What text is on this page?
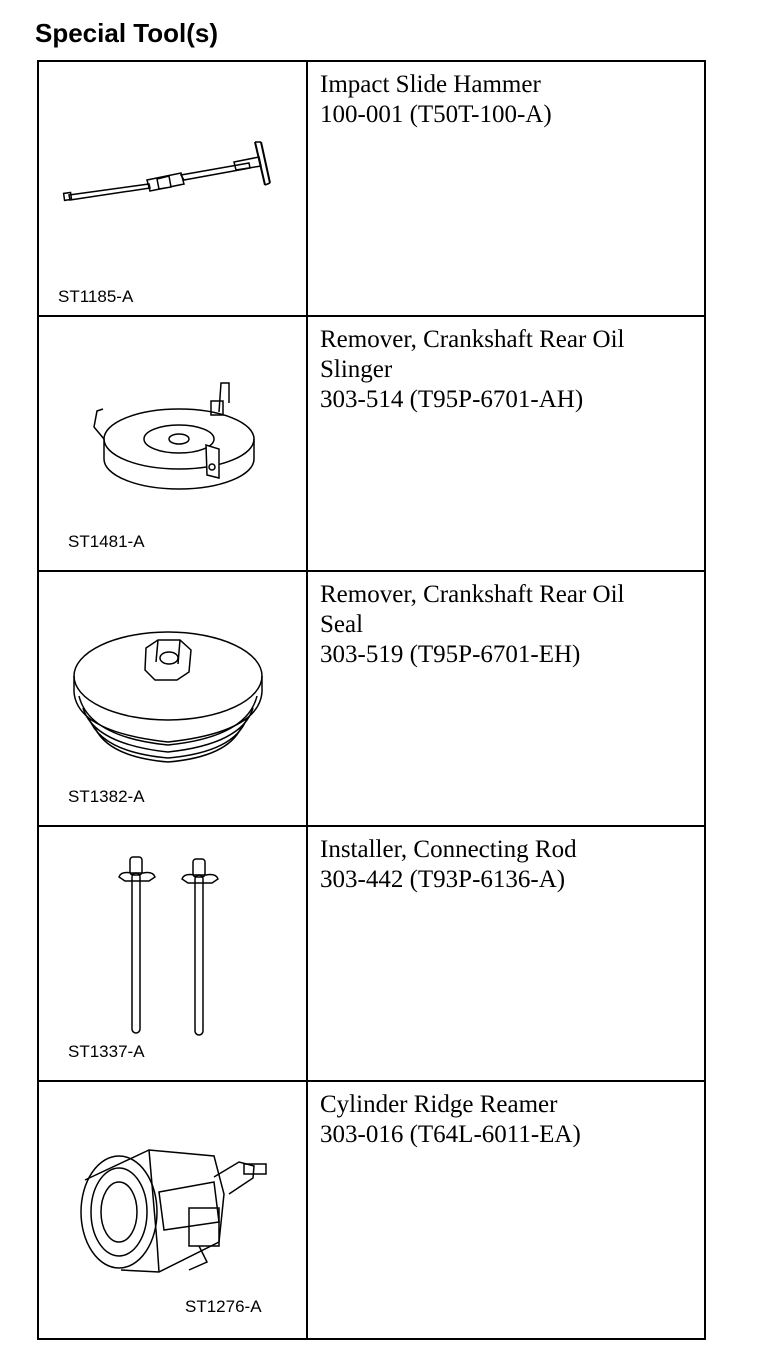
Special Tool(s)
ST1185-A
Impact Slide Hammer
100-001 (T50T-100-A)
ST1481-A
Remover, Crankshaft Rear Oil
Slinger
303-514 (T95P-6701-AH)
ST1382-A
Remover, Crankshaft Rear Oil
Seal
303-519 (T95P-6701-EH)
ST1337-A
Installer, Connecting Rod
303-442 (T93P-6136-A)
ST1276-A
Cylinder Ridge Reamer
303-016 (T64L-6011-EA)
